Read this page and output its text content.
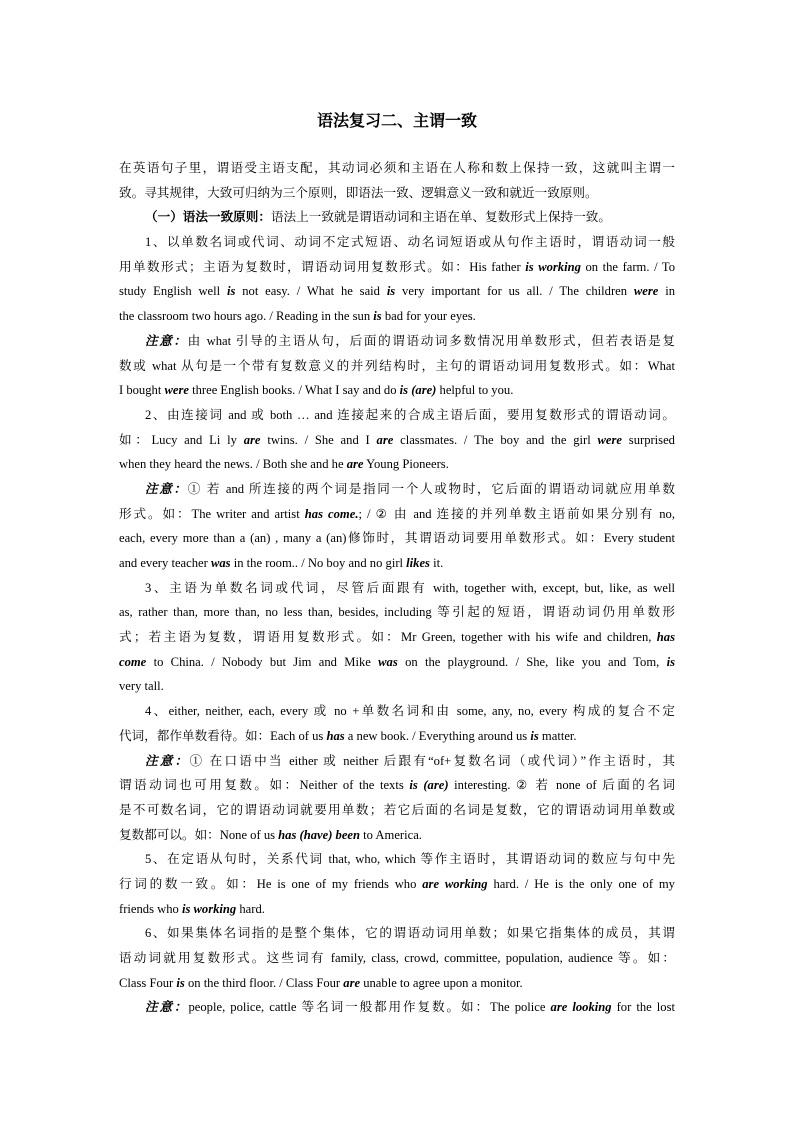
语法复习二、主谓一致
在英语句子里，谓语受主语支配，其动词必须和主语在人称和数上保持一致，这就叫主谓一
致。寻其规律，大致可归纳为三个原则，即语法一致、逻辑意义一致和就近一致原则。
（一）语法一致原则：语法上一致就是谓语动词和主语在单、复数形式上保持一致。
1、以单数名词或代词、动词不定式短语、动名词短语或从句作主语时，谓语动词一般
用单数形式；主语为复数时，谓语动词用复数形式。如：His father is working on the farm. / To
study English well is not easy. / What he said is very important for us all. / The children were in
the classroom two hours ago. / Reading in the sun is bad for your eyes.
注意：由 what 引导的主语从句，后面的谓语动词多数情况用单数形式，但若表语是复
数或 what 从句是一个带有复数意义的并列结构时，主句的谓语动词用复数形式。如：What
I bought were three English books. / What I say and do is (are) helpful to you.
2、由连接词 and 或 both … and 连接起来的合成主语后面，要用复数形式的谓语动词。
如：Lucy and Li ly are twins. / She and I are classmates. / The boy and the girl were surprised
when they heard the news. / Both she and he are Young Pioneers.
注意：① 若 and 所连接的两个词是指同一个人或物时，它后面的谓语动词就应用单数
形式。如：The writer and artist has come.; / ② 由 and 连接的并列单数主语前如果分别有 no,
each, every more than a (an) , many a (an)修饰时，其谓语动词要用单数形式。如：Every student
and every teacher was in the room.. / No boy and no girl likes it.
3、主语为单数名词或代词，尽管后面跟有 with, together with, except, but, like, as well
as, rather than, more than, no less than, besides, including 等引起的短语，谓语动词仍用单数形
式；若主语为复数，谓语用复数形式。如：Mr Green, together with his wife and children, has
come to China. / Nobody but Jim and Mike was on the playground. / She, like you and Tom, is
very tall.
4、either, neither, each, every 或 no +单数名词和由 some, any, no, every 构成的复合不定
代词，都作单数看待。如：Each of us has a new book. / Everything around us is matter.
注意：① 在口语中当 either 或 neither 后跟有“of+复数名词（或代词）”作主语时，其
谓语动词也可用复数。如：Neither of the texts is (are) interesting. ② 若 none of 后面的名词
是不可数名词，它的谓语动词就要用单数；若它后面的名词是复数，它的谓语动词用单数或
复数都可以。如：None of us has (have) been to America.
5、在定语从句时，关系代词 that, who, which 等作主语时，其谓语动词的数应与句中先
行词的数一致。如：He is one of my friends who are working hard. / He is the only one of my
friends who is working hard.
6、如果集体名词指的是整个集体，它的谓语动词用单数；如果它指集体的成员，其谓
语动词就用复数形式。这些词有 family, class, crowd, committee, population, audience 等。如：
Class Four is on the third floor. / Class Four are unable to agree upon a monitor.
注意：people, police, cattle 等名词一般都用作复数。如：The police are looking for the lost
